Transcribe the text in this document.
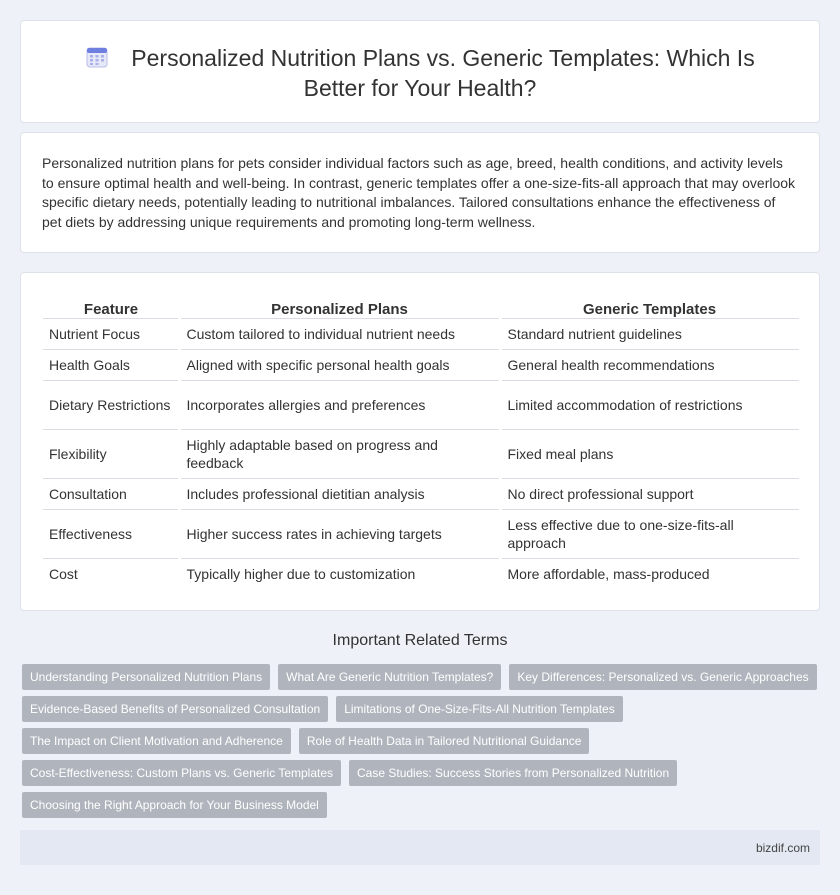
Personalized Nutrition Plans vs. Generic Templates: Which Is Better for Your Health?

Personalized nutrition plans for pets consider individual factors such as age, breed, health conditions, and activity levels to ensure optimal health and well-being. In contrast, generic templates offer a one-size-fits-all approach that may overlook specific dietary needs, potentially leading to nutritional imbalances. Tailored consultations enhance the effectiveness of pet diets by addressing unique requirements and promoting long-term wellness.

Feature	Personalized Plans	Generic Templates
Nutrient Focus	Custom tailored to individual nutrient needs	Standard nutrient guidelines
Health Goals	Aligned with specific personal health goals	General health recommendations
Dietary Restrictions	Incorporates allergies and preferences	Limited accommodation of restrictions
Flexibility	Highly adaptable based on progress and feedback	Fixed meal plans
Consultation	Includes professional dietitian analysis	No direct professional support
Effectiveness	Higher success rates in achieving targets	Less effective due to one-size-fits-all approach
Cost	Typically higher due to customization	More affordable, mass-produced
Important Related Terms
Understanding Personalized Nutrition Plans	What Are Generic Nutrition Templates?	Key Differences: Personalized vs. Generic Approaches
Evidence-Based Benefits of Personalized Consultation	Limitations of One-Size-Fits-All Nutrition Templates
The Impact on Client Motivation and Adherence	Role of Health Data in Tailored Nutritional Guidance
Cost-Effectiveness: Custom Plans vs. Generic Templates	Case Studies: Success Stories from Personalized Nutrition
Choosing the Right Approach for Your Business Model
bizdif.com
